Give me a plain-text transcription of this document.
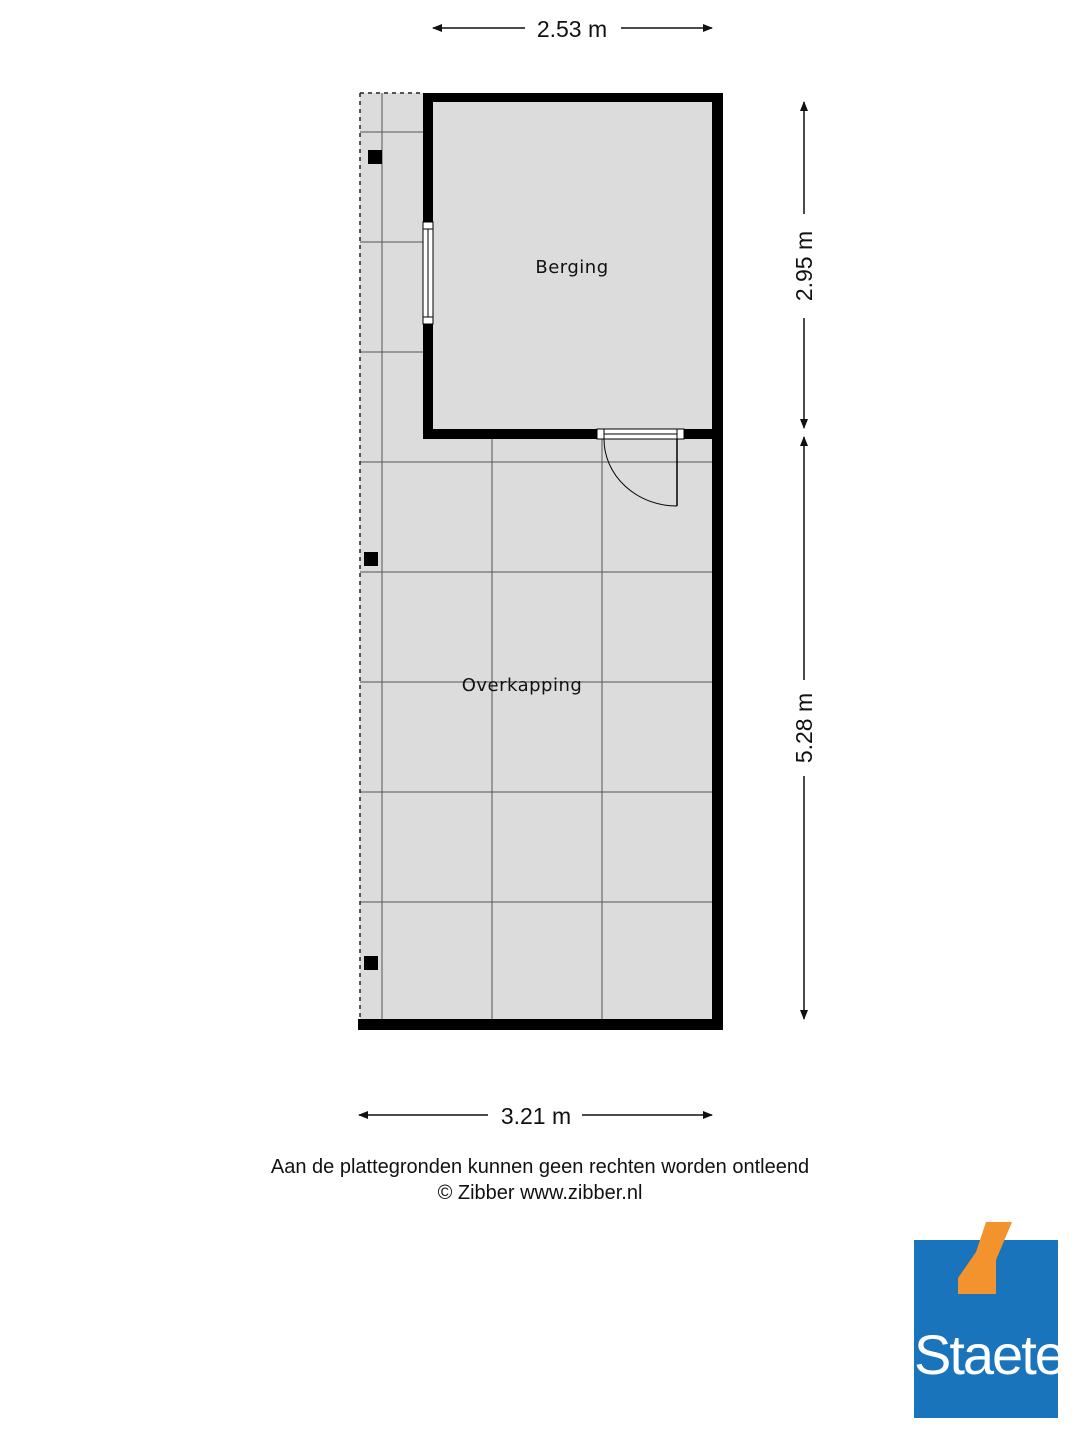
Berging
Overkapping
2.53 m
3.21 m
2.95 m
5.28 m
Aan de plattegronden kunnen geen rechten worden ontleend
© Zibber www.zibber.nl
Staete
